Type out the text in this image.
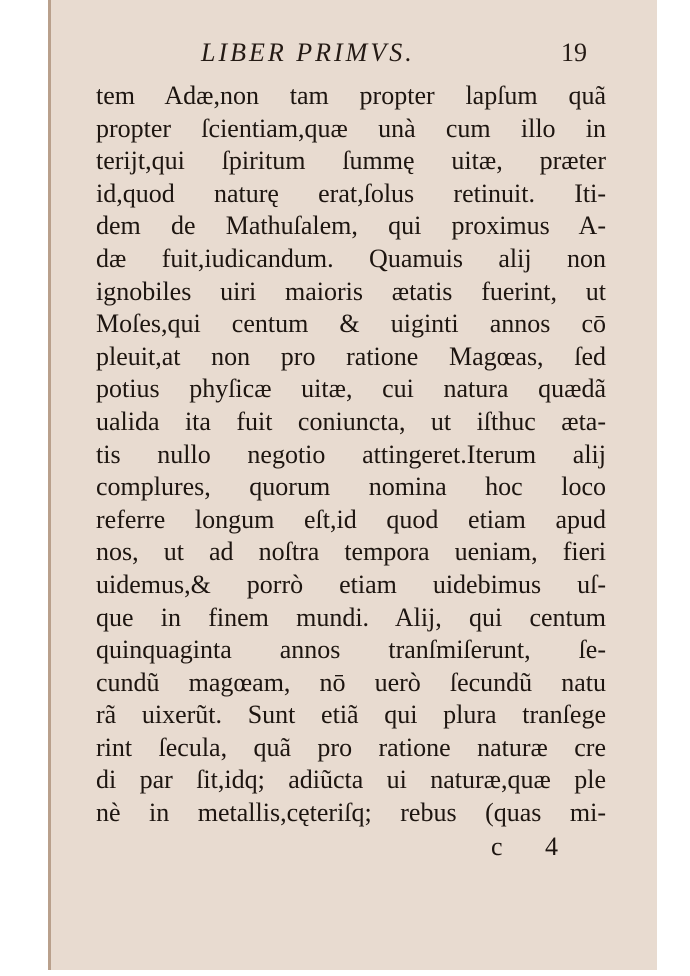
LIBER PRIMVS.	19
tem Adæ,non tam propter lapſum quã
propter ſcientiam,quæ unà cum illo in
terijt,qui ſpiritum ſummę uitæ, præter
id,quod naturę erat,ſolus retinuit. Iti-
dem de Mathuſalem, qui proximus A-
dæ fuit,iudicandum. Quamuis alij non
ignobiles uiri maioris ætatis fuerint, ut
Moſes,qui centum & uiginti annos cō
pleuit,at non pro ratione Magœas, ſed
potius phyſicæ uitæ, cui natura quædã
ualida ita fuit coniuncta, ut iſthuc æta-
tis nullo negotio attingeret.Iterum alij
complures, quorum nomina hoc loco
referre longum eſt,id quod etiam apud
nos, ut ad noſtra tempora ueniam, fieri
uidemus,& porrò etiam uidebimus uſ-
que in finem mundi. Alij, qui centum
quinquaginta annos tranſmiſerunt, ſe-
cundũ magœam, nō uerò ſecundũ natu
rã uixerũt. Sunt etiã qui plura tranſege
rint ſecula, quã pro ratione naturæ cre
di par ſit,idq; adiũcta ui naturæ,quæ ple
nè in metallis,cęteriſq; rebus (quas mi-
c 4
